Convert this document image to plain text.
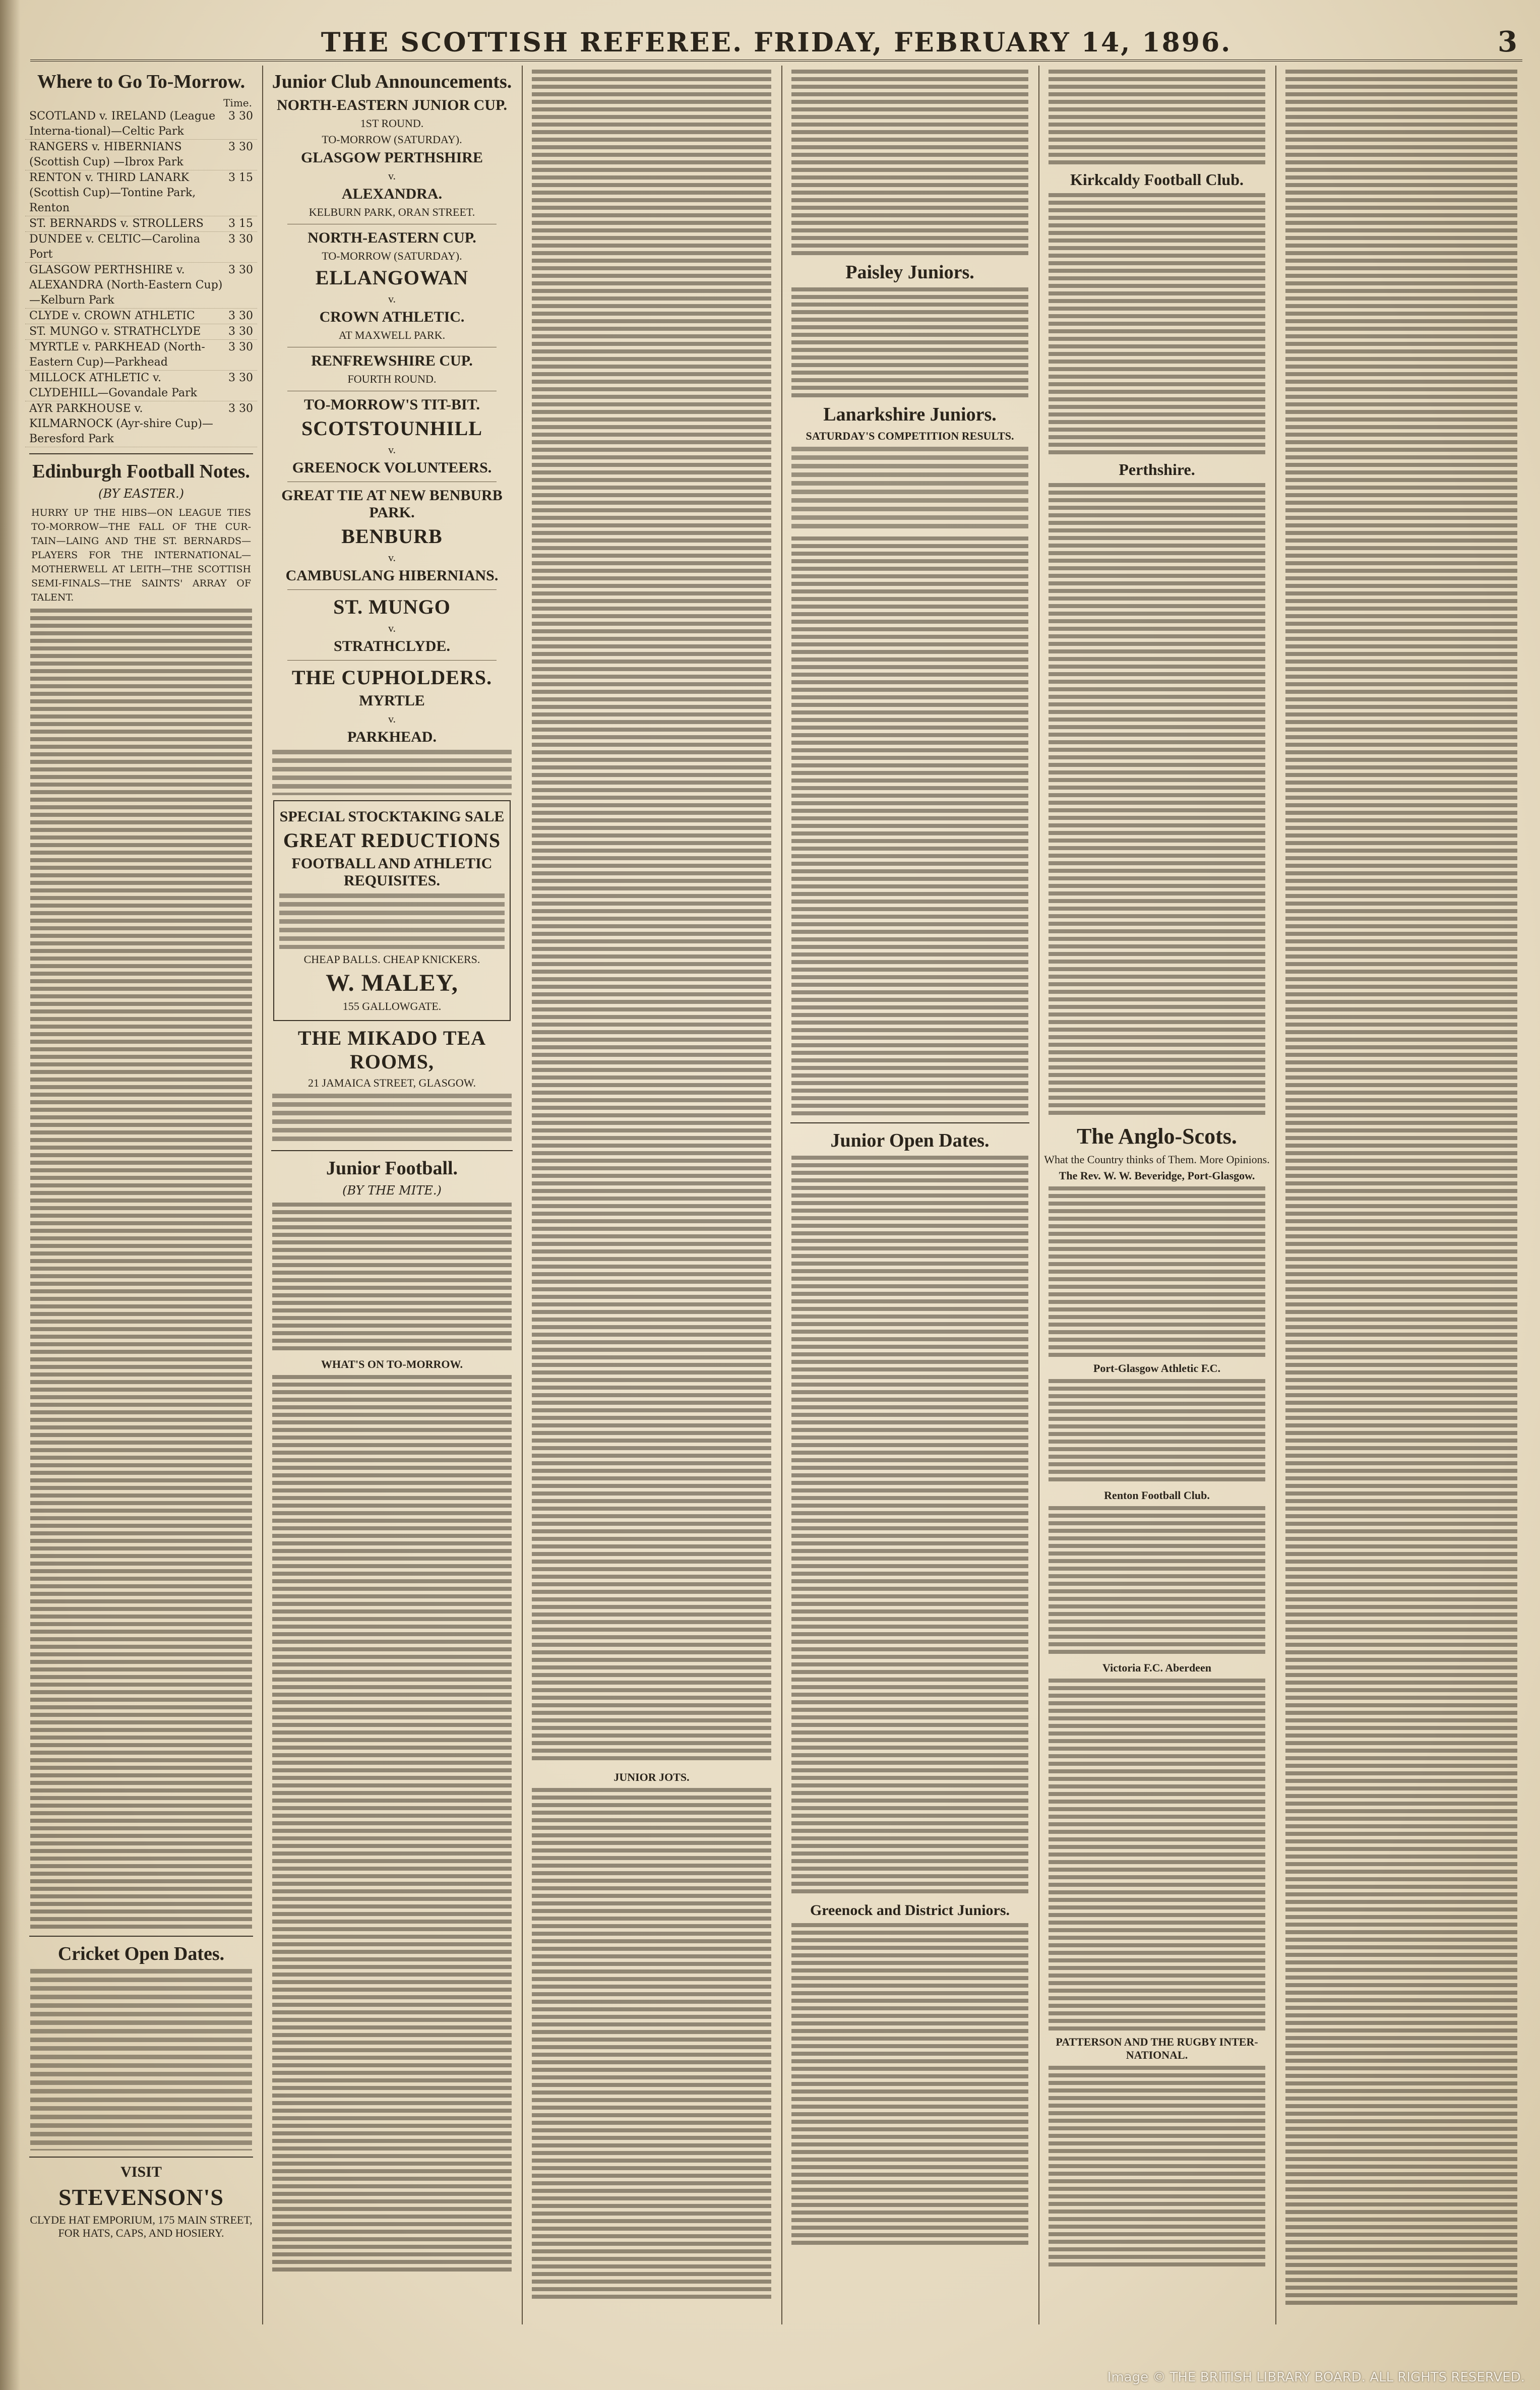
THE SCOTTISH REFEREE. FRIDAY, FEBRUARY 14, 1896.	3
Where to Go To-Morrow.
Time.
SCOTLAND v. IRELAND (League Interna-tional)—Celtic Park
3 30
RANGERS v. HIBERNIANS (Scottish Cup) —Ibrox Park
3 30
RENTON v. THIRD LANARK (Scottish Cup)—Tontine Park, Renton
3 15
ST. BERNARDS v. STROLLERS 3 15
DUNDEE v. CELTIC—Carolina Port
3 30
GLASGOW PERTHSHIRE v. ALEXANDRA (North-Eastern Cup)—Kelburn Park
3 30
CLYDE v. CROWN ATHLETIC	3 30
ST. MUNGO v. STRATHCLYDE 3 30
MYRTLE v. PARKHEAD (North-Eastern Cup)—Parkhead
3 30
MILLOCK ATHLETIC v. CLYDEHILL—Govandale Park
3 30
AYR PARKHOUSE v. KILMARNOCK (Ayr-shire Cup)—Beresford Park
3 30
Edinburgh Football Notes.
(BY EASTER.)
HURRY UP THE HIBS—ON LEAGUE TIES TO-MORROW—THE FALL OF THE CUR-TAIN—LAING AND THE ST. BERNARDS—PLAYERS FOR THE INTERNATIONAL—MOTHERWELL AT LEITH—THE SCOTTISH SEMI-FINALS—THE SAINTS' ARRAY OF TALENT.
Cricket Open Dates.
VISIT
STEVENSON'S
CLYDE HAT EMPORIUM, 175 MAIN STREET, FOR HATS, CAPS, AND HOSIERY.
Junior Club Announcements.
NORTH-EASTERN JUNIOR CUP.
1ST ROUND.
TO-MORROW (SATURDAY).
GLASGOW PERTHSHIRE
v.
ALEXANDRA.
KELBURN PARK, ORAN STREET.
NORTH-EASTERN CUP.
TO-MORROW (SATURDAY).
ELLANGOWAN
v.
CROWN ATHLETIC.
AT MAXWELL PARK.
RENFREWSHIRE CUP.
FOURTH ROUND.
TO-MORROW'S TIT-BIT.
SCOTSTOUNHILL
v.
GREENOCK VOLUNTEERS.
GREAT TIE AT NEW BENBURB PARK.
BENBURB
v.
CAMBUSLANG HIBERNIANS.
ST. MUNGO
v.
STRATHCLYDE.
THE CUPHOLDERS.
MYRTLE
v.
PARKHEAD.
SPECIAL STOCKTAKING SALE
GREAT REDUCTIONS
FOOTBALL AND ATHLETIC REQUISITES.
CHEAP BALLS. CHEAP KNICKERS.
W. MALEY,
155 GALLOWGATE.
THE MIKADO TEA ROOMS,
21 JAMAICA STREET, GLASGOW.
Junior Football.
(BY THE MITE.)
WHAT'S ON TO-MORROW.
JUNIOR JOTS.
Paisley Juniors.
Lanarkshire Juniors.
SATURDAY'S COMPETITION RESULTS.
Junior Open Dates.
Greenock and District Juniors.
Kirkcaldy Football Club.
Perthshire.
The Anglo-Scots.
What the Country thinks of Them. More Opinions.
The Rev. W. W. Beveridge, Port-Glasgow.
Port-Glasgow Athletic F.C.
Renton Football Club.
Victoria F.C. Aberdeen
PATTERSON AND THE RUGBY INTER-NATIONAL.
Image © THE BRITISH LIBRARY BOARD. ALL RIGHTS RESERVED.
